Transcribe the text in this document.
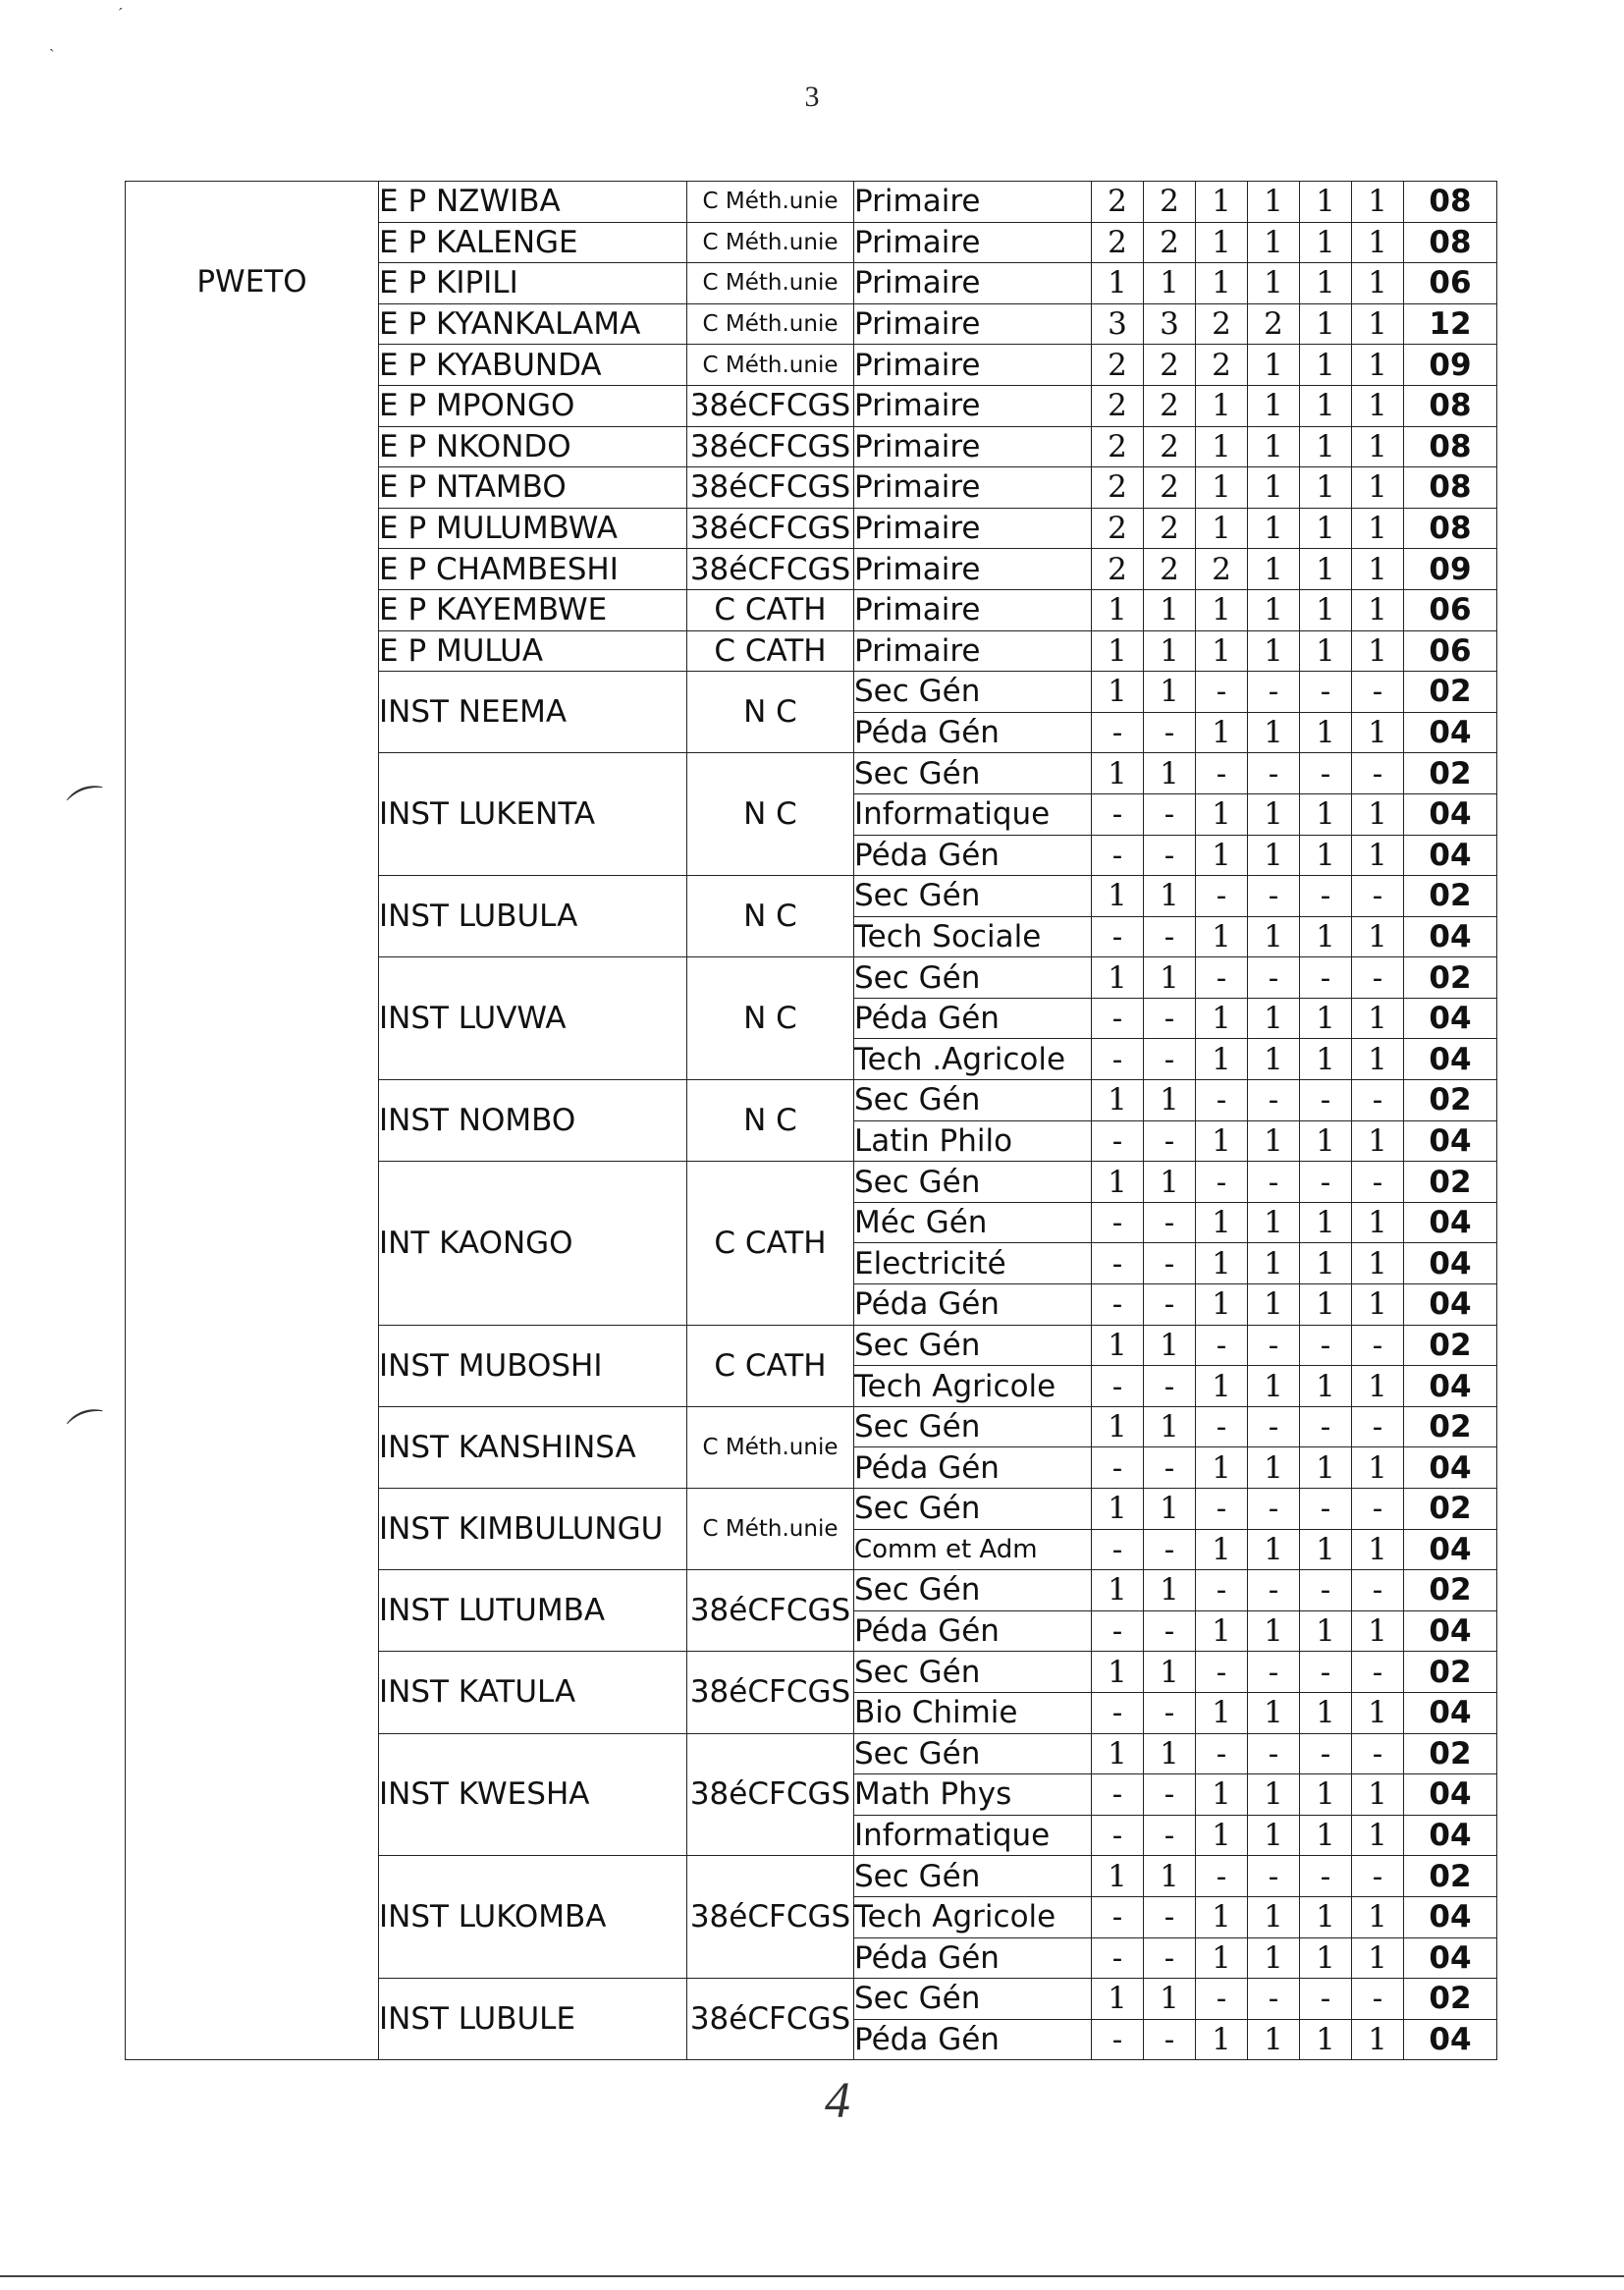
3
PWETO	E P NZWIBA	C Méth.unie	Primaire	2	2	1	1	1	1	08
	E P KALENGE	C Méth.unie	Primaire	2	2	1	1	1	1	08
	E P KIPILI	C Méth.unie	Primaire	1	1	1	1	1	1	06
	E P KYANKALAMA	C Méth.unie	Primaire	3	3	2	2	1	1	12
	E P KYABUNDA	C Méth.unie	Primaire	2	2	2	1	1	1	09
	E P MPONGO	38éCFCGS	Primaire	2	2	1	1	1	1	08
	E P NKONDO	38éCFCGS	Primaire	2	2	1	1	1	1	08
	E P NTAMBO	38éCFCGS	Primaire	2	2	1	1	1	1	08
	E P MULUMBWA	38éCFCGS	Primaire	2	2	1	1	1	1	08
	E P CHAMBESHI	38éCFCGS	Primaire	2	2	2	1	1	1	09
	E P KAYEMBWE	C CATH	Primaire	1	1	1	1	1	1	06
	E P MULUA	C CATH	Primaire	1	1	1	1	1	1	06
	INST NEEMA	N C	Sec Gén	1	1	-	-	-	-	02
			Péda Gén	-	-	1	1	1	1	04
	INST LUKENTA	N C	Sec Gén	1	1	-	-	-	-	02
			Informatique	-	-	1	1	1	1	04
			Péda Gén	-	-	1	1	1	1	04
	INST LUBULA	N C	Sec Gén	1	1	-	-	-	-	02
			Tech Sociale	-	-	1	1	1	1	04
	INST LUVWA	N C	Sec Gén	1	1	-	-	-	-	02
			Péda Gén	-	-	1	1	1	1	04
			Tech .Agricole	-	-	1	1	1	1	04
	INST NOMBO	N C	Sec Gén	1	1	-	-	-	-	02
			Latin Philo	-	-	1	1	1	1	04
	INT KAONGO	C CATH	Sec Gén	1	1	-	-	-	-	02
			Méc Gén	-	-	1	1	1	1	04
			Electricité	-	-	1	1	1	1	04
			Péda Gén	-	-	1	1	1	1	04
	INST MUBOSHI	C CATH	Sec Gén	1	1	-	-	-	-	02
			Tech Agricole	-	-	1	1	1	1	04
	INST KANSHINSA	C Méth.unie	Sec Gén	1	1	-	-	-	-	02
			Péda Gén	-	-	1	1	1	1	04
	INST KIMBULUNGU	C Méth.unie	Sec Gén	1	1	-	-	-	-	02
			Comm et Adm	-	-	1	1	1	1	04
	INST LUTUMBA	38éCFCGS	Sec Gén	1	1	-	-	-	-	02
			Péda Gén	-	-	1	1	1	1	04
	INST KATULA	38éCFCGS	Sec Gén	1	1	-	-	-	-	02
			Bio Chimie	-	-	1	1	1	1	04
	INST KWESHA	38éCFCGS	Sec Gén	1	1	-	-	-	-	02
			Math Phys	-	-	1	1	1	1	04
			Informatique	-	-	1	1	1	1	04
	INST LUKOMBA	38éCFCGS	Sec Gén	1	1	-	-	-	-	02
			Tech Agricole	-	-	1	1	1	1	04
			Péda Gén	-	-	1	1	1	1	04
	INST LUBULE	38éCFCGS	Sec Gén	1	1	-	-	-	-	02
			Péda Gén	-	-	1	1	1	1	04
´
`
⌒
⌒
4
